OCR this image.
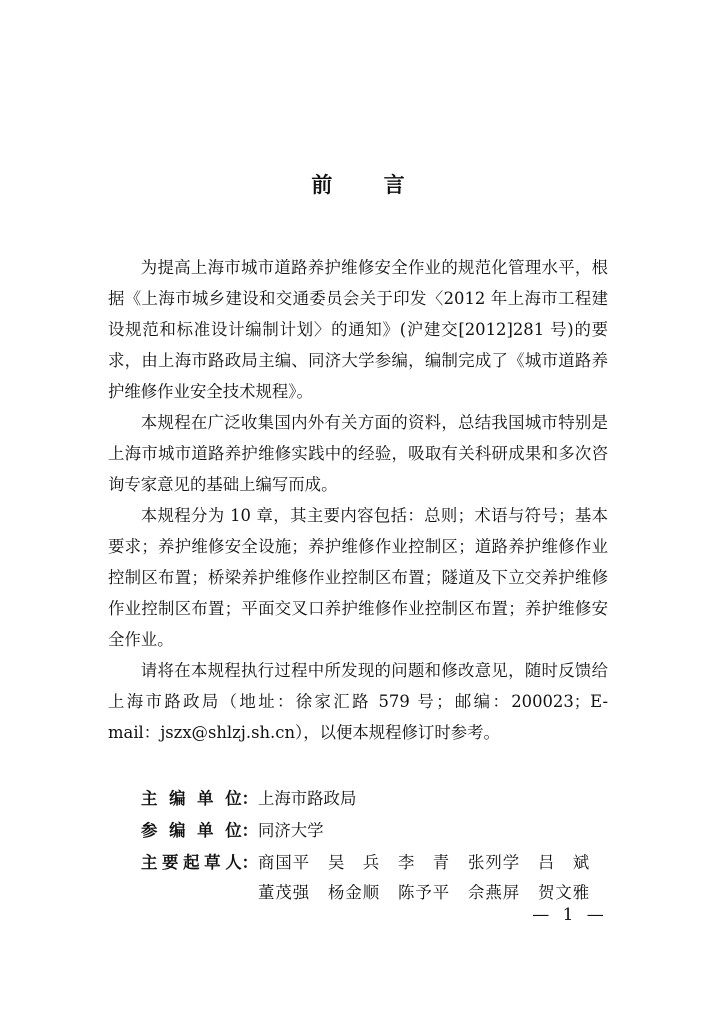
前 言

为提高上海市城市道路养护维修安全作业的规范化管理水平，根据《上海市城乡建设和交通委员会关于印发〈2012 年上海市工程建设规范和标准设计编制计划〉的通知》(沪建交[2012]281 号)的要求，由上海市路政局主编、同济大学参编，编制完成了《城市道路养护维修作业安全技术规程》。

本规程在广泛收集国内外有关方面的资料，总结我国城市特别是上海市城市道路养护维修实践中的经验，吸取有关科研成果和多次咨询专家意见的基础上编写而成。

本规程分为 10 章，其主要内容包括：总则；术语与符号；基本要求；养护维修安全设施；养护维修作业控制区；道路养护维修作业控制区布置；桥梁养护维修作业控制区布置；隧道及下立交养护维修作业控制区布置；平面交叉口养护维修作业控制区布置；养护维修安全作业。

请将在本规程执行过程中所发现的问题和修改意见，随时反馈给上海市路政局（地址：徐家汇路 579 号；邮编：200023；E-mail：jszx@shlzj.sh.cn），以便本规程修订时参考。

主 编 单 位： 上海市路政局
参 编 单 位： 同济大学
主 要 起 草 人： 商国平	吴　兵	李　青	张列学	吕　斌
董茂强	杨金顺	陈予平	佘燕屏	贺文雅
— 1 —
